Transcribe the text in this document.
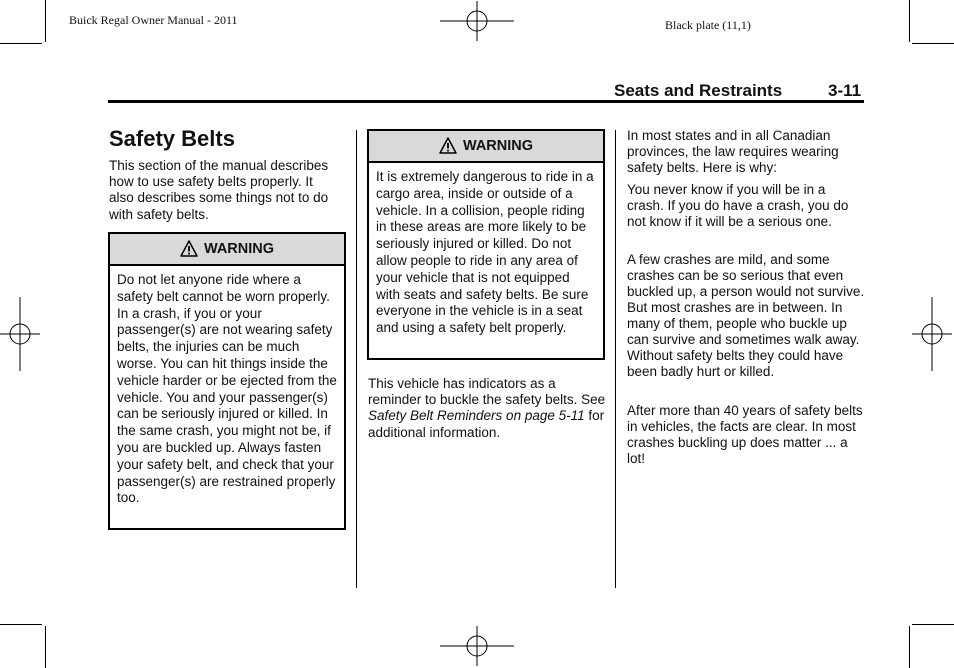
Buick Regal Owner Manual - 2011	Black plate (11,1)
Seats and Restraints	3-11
Safety Belts

This section of the manual describes how to use safety belts properly. It also describes some things not to do with safety belts.

WARNING
Do not let anyone ride where a safety belt cannot be worn properly. In a crash, if you or your passenger(s) are not wearing safety belts, the injuries can be much worse. You can hit things inside the vehicle harder or be ejected from the vehicle. You and your passenger(s) can be seriously injured or killed. In the same crash, you might not be, if you are buckled up. Always fasten your safety belt, and check that your passenger(s) are restrained properly too.
WARNING
It is extremely dangerous to ride in a cargo area, inside or outside of a vehicle. In a collision, people riding in these areas are more likely to be seriously injured or killed. Do not allow people to ride in any area of your vehicle that is not equipped with seats and safety belts. Be sure everyone in the vehicle is in a seat and using a safety belt properly.

This vehicle has indicators as a reminder to buckle the safety belts. See Safety Belt Reminders on page 5-11 for additional information.

In most states and in all Canadian provinces, the law requires wearing safety belts. Here is why:

You never know if you will be in a crash. If you do have a crash, you do not know if it will be a serious one.

A few crashes are mild, and some crashes can be so serious that even buckled up, a person would not survive. But most crashes are in between. In many of them, people who buckle up can survive and sometimes walk away. Without safety belts they could have been badly hurt or killed.

After more than 40 years of safety belts in vehicles, the facts are clear. In most crashes buckling up does matter ... a lot!
